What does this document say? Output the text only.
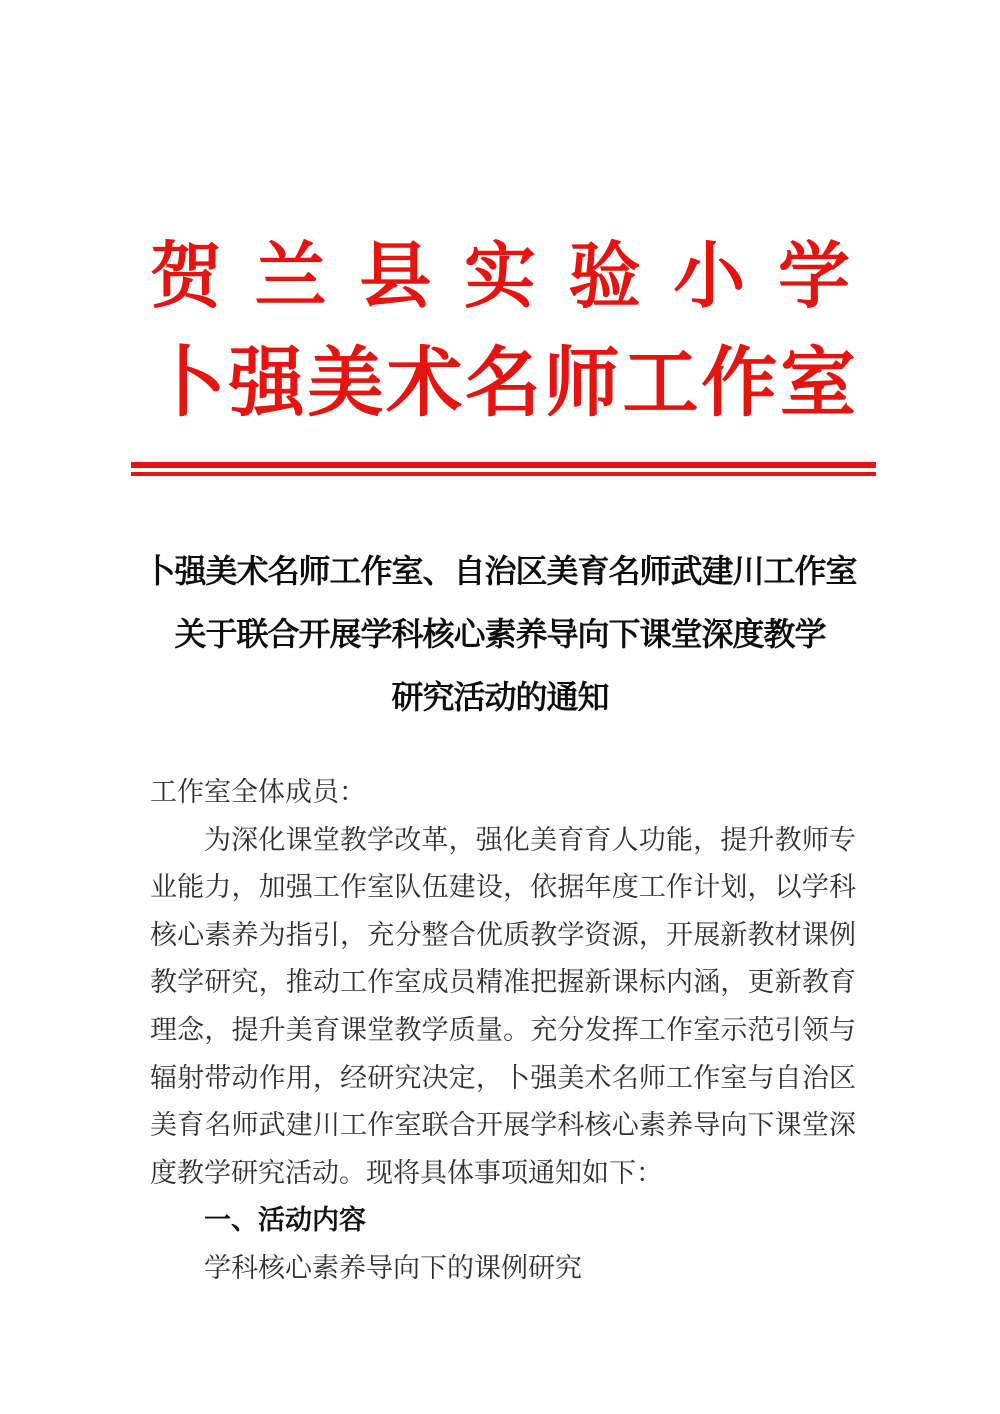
贺 兰 县 实 验 小 学
卜 强 美 术 名 师 工 作 室
卜强美术名师工作室、自治区美育名师武建川工作室
关于联合开展学科核心素养导向下课堂深度教学
研究活动的通知
工作室全体成员：
为深化课堂教学改革，强化美育育人功能，提升教师专业能力，加强工作室队伍建设，依据年度工作计划，以学科核心素养为指引，充分整合优质教学资源，开展新教材课例教学研究，推动工作室成员精准把握新课标内涵，更新教育理念，提升美育课堂教学质量。充分发挥工作室示范引领与辐射带动作用，经研究决定，卜强美术名师工作室与自治区美育名师武建川工作室联合开展学科核心素养导向下课堂深度教学研究活动。现将具体事项通知如下：
一、活动内容
学科核心素养导向下的课例研究
